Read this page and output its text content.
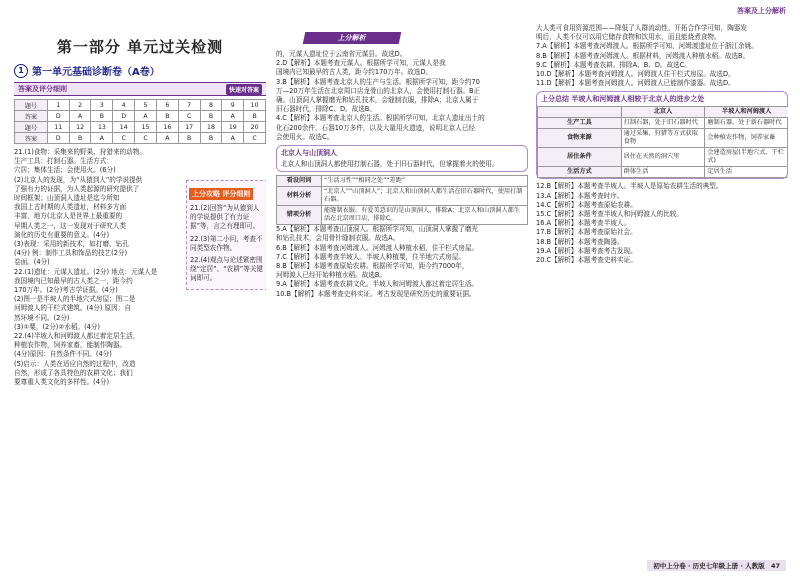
答案及上分解析
上分解析
第一部分 单元过关检测
1 第一单元基础诊断卷（A卷）
答案及评分细则	快速对答案
题号	1	2	3	4	5	6	7	8	9	10
答案	D	A	B	D	A	B	C	B	A	B
题号	11	12	13	14	15	16	17	18	19	20
答案	D	B	A	C	C	A	B	B	A	C

21.(1)食物：采集来的野果、狩猎来的动物。

生产工具：打制石器。生活方式：

穴居；集体生活；会使用火。(6分)

(2)北京人的发现，为“从猿到人”的学说提供

了强有力的证据，为人类起源的研究提供了

时间框架；山顶洞人遗址是迄今所知

我国上古时期的人类遗址，材料多方面

丰富，地方(北京人是世界上最重要的

早期人类之一，这一发现对于研究人类

演化的历史有重要的意义。(4分)

(3)表现：采用的新技术，如打磨、钻孔

(4分) 例：制作工具和饰品的技艺(2分)

卷面。(4分)

22.(1)遗址：元谋人遗址。(2分) 地点：元谋人是

我国境内已知最早的古人类之一，距今约

170万年。(2分)考古学证据。(4分)

(2)图一是半坡人的半地穴式房屋；图二是

河姆渡人的干栏式建筑。(4分) 原因：自

然环境不同。(2分)

(3)①粟，(2分)②水稻。(4分)

22.(4)半坡人和河姆渡人都过着定居生活，

种植农作物，饲养家畜，能制作陶器。

(4分)原因：自然条件不同。(4分)

(5)启示：人类在适应自然的过程中，改造

自然，形成了各具特色的农耕文化；我们

要尊重人类文化的多样性。(4分)

上分攻略 评分细则

21.(2)回答“为从猿到人的学说提供了有力证据”等，言之有理即可。

22.(3)第二小问，考查不同类型农作物。

22.(4)观点与论述紧密围绕“定居”、“农耕”等关键词即可。

的，元谋人遗址位于云南省元谋县。故选D。

2.D【解析】本题考查元谋人。根据所学可知，元谋人是我

国境内已知最早的古人类，距今约170万年。故选D。

3.B【解析】本题考查北京人的生产与生活。根据所学可知，距今约70

万—20万年生活在北京周口店龙骨山的北京人，会使用打制石器。B正

确。山顶洞人掌握磨光和钻孔技术，会缝制衣服，排除A；北京人属于

旧石器时代，排除C、D。故选B。

4.C【解析】本题考查北京人的生活。根据所学可知，北京人遗址出土的

化石200余件，石器10万多件，以及大量用火遗迹，说明北京人已经

会使用火。故选C。

北京人与山顶洞人
北京人和山顶洞人都使用打制石器，处于旧石器时代，但掌握着火的使用。
看设问词	“生活习性”“相同之处”“差距”
材料分析	“北京人”“山顶洞人”；北京人和山顶洞人都生活在旧石器时代，使用打制石器。
错项分析	能缝制衣服、有爱美意识的是山顶洞人，排除A；北京人和山顶洞人都生活在北京周口店，排除C。

5.A【解析】本题考查山顶洞人。根据所学可知，山顶洞人掌握了磨光

和钻孔技术，会用骨针缝制衣服。故选A。

6.B【解析】本题考查河姆渡人。河姆渡人种植水稻，住干栏式房屋。

7.C【解析】本题考查半坡人。半坡人种植粟，住半地穴式房屋。

8.B【解析】本题考查原始农耕。根据所学可知，距今约7000年，

河姆渡人已经开始种植水稻。故选B。

9.A【解析】本题考查农耕文化。半坡人和河姆渡人都过着定居生活。

10.B【解析】本题考查史料实证。考古发现是研究历史的重要证据。

大人类可食用资源范围——降低了人群流动性，开拓合作学可知，陶器发

明后，人类不仅可以用它储存食物和饮用水，而且能烧煮食物。

7.A【解析】本题考查河姆渡人。根据所学可知，河姆渡遗址位于浙江余姚。

8.B【解析】本题考查河姆渡人。根据材料，河姆渡人种植水稻。故选B。

9.C【解析】本题考查农耕。排除A、B、D。故选C。

10.D【解析】本题考查河姆渡人。河姆渡人住干栏式房屋。故选D。

11.D【解析】本题考查河姆渡人。河姆渡人已能制作漆器。故选D。

上分总结 半坡人和河姆渡人相较于北京人的进步之处
	北京人	半坡人和河姆渡人
生产工具	打制石器，处于旧石器时代	磨制石器，处于新石器时代
食物来源	通过采集、狩猎等方式获取食物	会种植农作物，饲养家畜
居住条件	居住在天然的洞穴里	会建造房屋(半地穴式、干栏式)
生活方式	群体生活	定居生活

12.B【解析】本题考查半坡人。半坡人是原始农耕生活的典型。

13.A【解析】本题考查时序。

14.C【解析】本题考查原始农耕。

15.C【解析】本题考查半坡人和河姆渡人的比较。

16.A【解析】本题考查半坡人。

17.B【解析】本题考查原始社会。

18.B【解析】本题考查陶器。

19.A【解析】本题考查考古发现。

20.C【解析】本题考查史料实证。

初中上分卷 · 历史七年级上册 · 人教版 47
